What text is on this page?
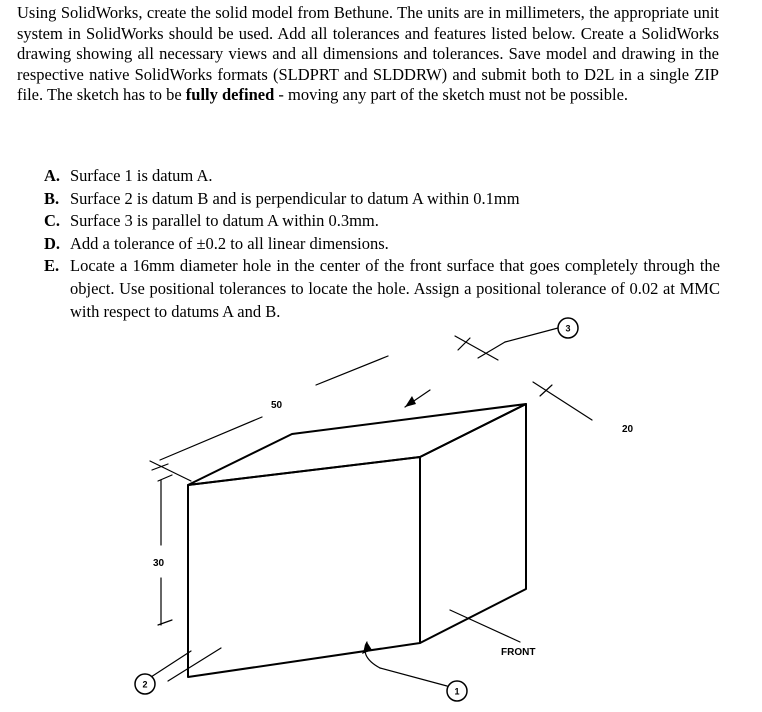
Using SolidWorks, create the solid model from Bethune. The units are in millimeters, the appropriate unit system in SolidWorks should be used. Add all tolerances and features listed below. Create a SolidWorks drawing showing all necessary views and all dimensions and tolerances. Save model and drawing in the respective native SolidWorks formats (SLDPRT and SLDDRW) and submit both to D2L in a single ZIP file. The sketch has to be fully defined - moving any part of the sketch must not be possible.

A. Surface 1 is datum A.
B. Surface 2 is datum B and is perpendicular to datum A within 0.1mm
C. Surface 3 is parallel to datum A within 0.3mm.
D. Add a tolerance of ±0.2 to all linear dimensions.
E. Locate a 16mm diameter hole in the center of the front surface that goes completely through the object. Use positional tolerances to locate the hole. Assign a positional tolerance of 0.02 at MMC with respect to datums A and B.
50
30
20
FRONT
3
2
1
